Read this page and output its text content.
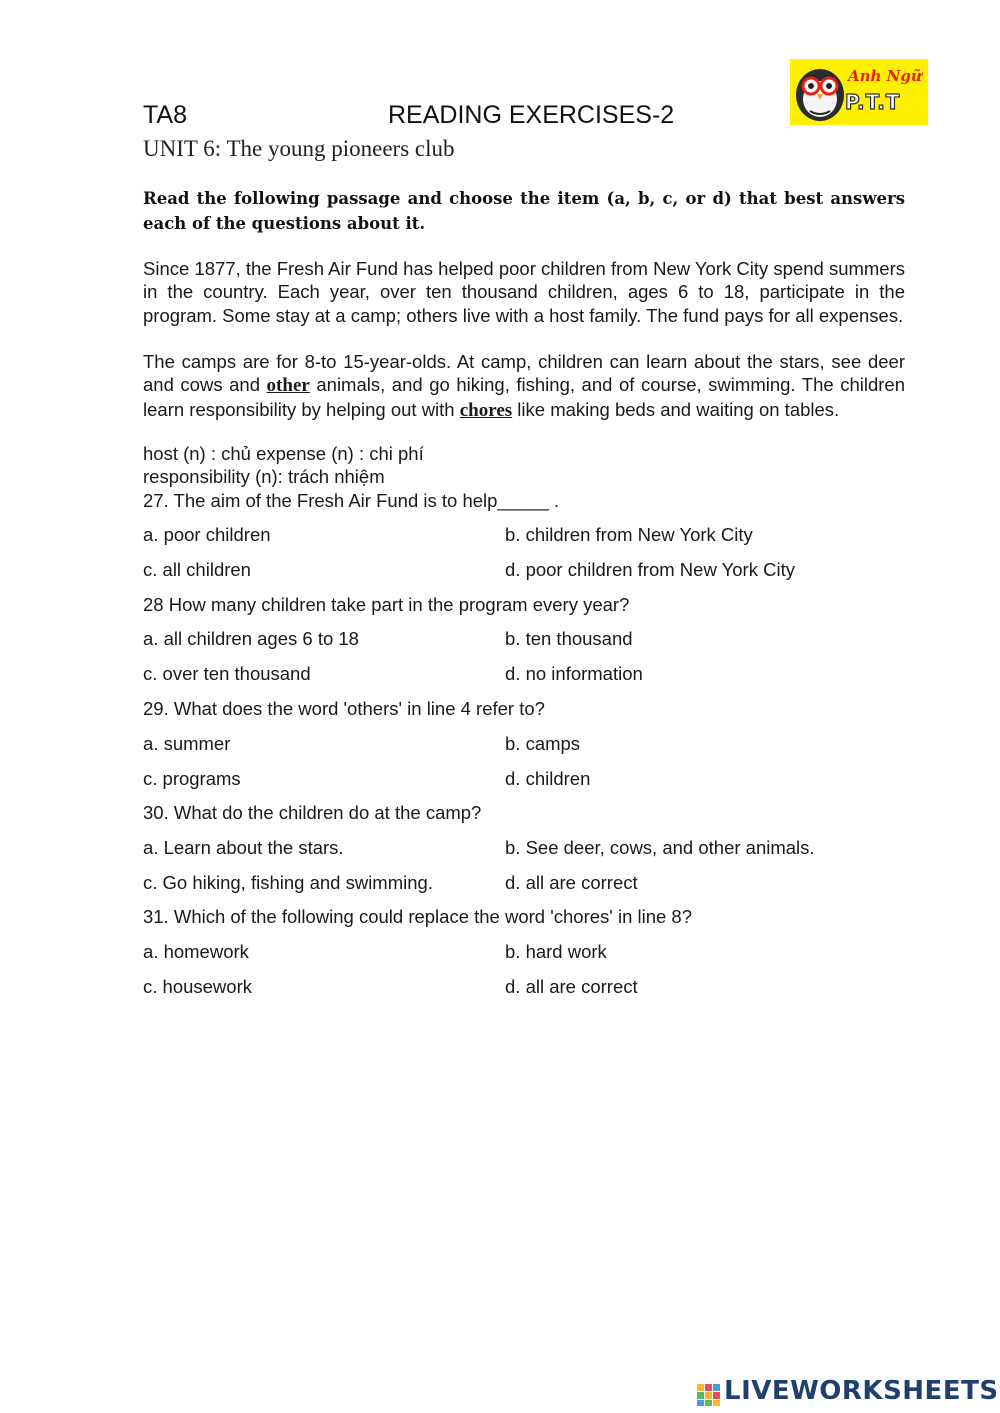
Anh Ngữ
P.T.T
TA8	READING EXERCISES-2
UNIT 6: The young pioneers club
Read the following passage and choose the item (a, b, c, or d) that best answers each of the questions about it.
Since 1877, the Fresh Air Fund has helped poor children from New York City spend summers in the country. Each year, over ten thousand children, ages 6 to 18, participate in the program. Some stay at a camp; others live with a host family. The fund pays for all expenses.
The camps are for 8-to 15-year-olds. At camp, children can learn about the stars, see deer and cows and other animals, and go hiking, fishing, and of course, swimming. The children learn responsibility by helping out with chores like making beds and waiting on tables.
host (n) : chủ expense (n) : chi phí
responsibility (n): trách nhiệm
27. The aim of the Fresh Air Fund is to help_____ .
a. poor children	b. children from New York City
c. all children	d. poor children from New York City
28 How many children take part in the program every year?
a. all children ages 6 to 18	b. ten thousand
c. over ten thousand	d. no information
29. What does the word 'others' in line 4 refer to?
a. summer	b. camps
c. programs	d. children
30. What do the children do at the camp?
a. Learn about the stars.	b. See deer, cows, and other animals.
c. Go hiking, fishing and swimming.	d. all are correct
31. Which of the following could replace the word 'chores' in line 8?
a. homework	b. hard work
c. housework	d. all are correct
LIVEWORKSHEETS
